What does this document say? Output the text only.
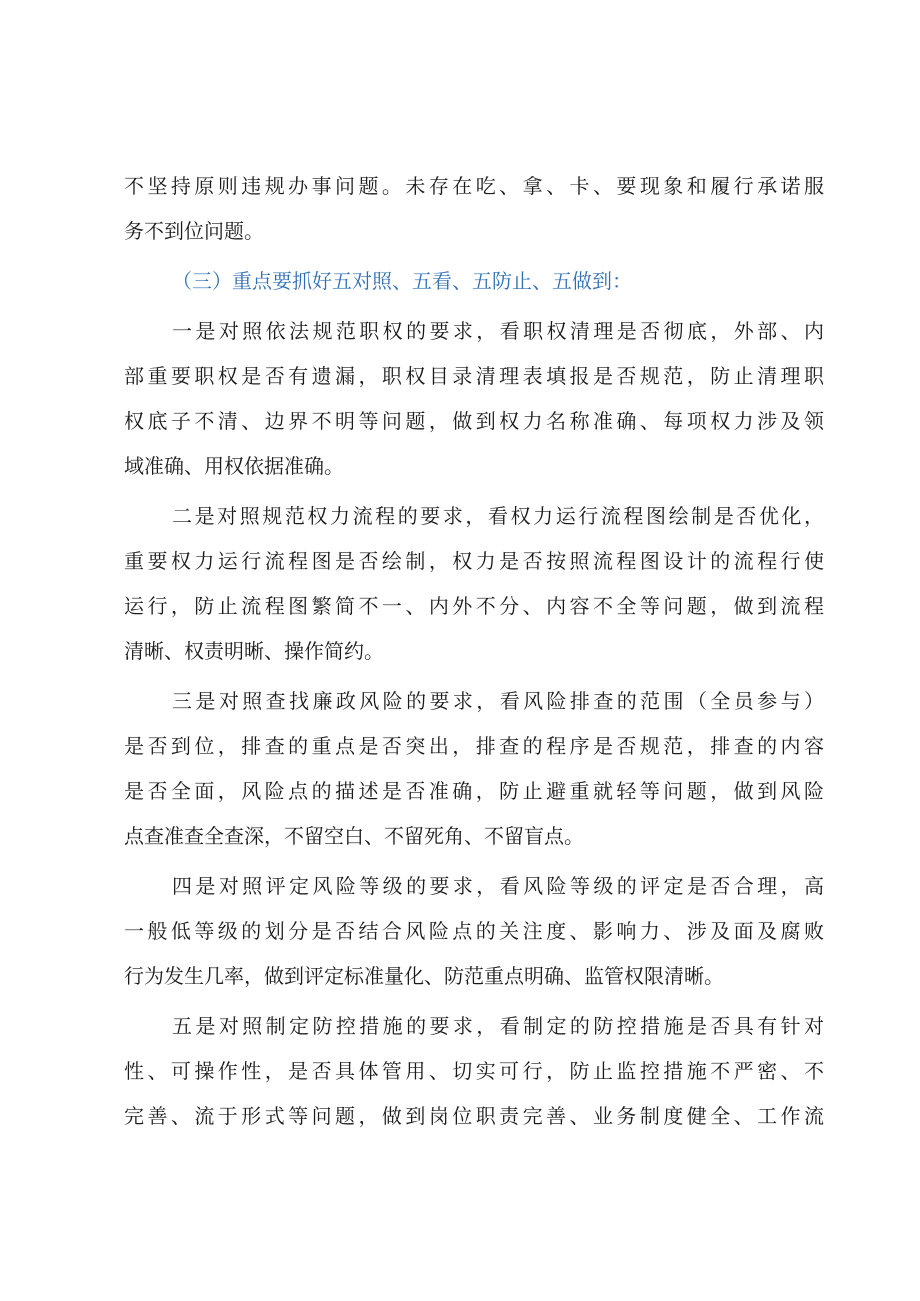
不坚持原则违规办事问题。未存在吃、拿、卡、要现象和履行承诺服
务不到位问题。
（三）重点要抓好五对照、五看、五防止、五做到：
一是对照依法规范职权的要求，看职权清理是否彻底，外部、内
部重要职权是否有遗漏，职权目录清理表填报是否规范，防止清理职
权底子不清、边界不明等问题，做到权力名称准确、每项权力涉及领
域准确、用权依据准确。
二是对照规范权力流程的要求，看权力运行流程图绘制是否优化，
重要权力运行流程图是否绘制，权力是否按照流程图设计的流程行使
运行，防止流程图繁简不一、内外不分、内容不全等问题，做到流程
清晰、权责明晰、操作简约。
三是对照查找廉政风险的要求，看风险排查的范围（全员参与）
是否到位，排查的重点是否突出，排查的程序是否规范，排查的内容
是否全面，风险点的描述是否准确，防止避重就轻等问题，做到风险
点查准查全查深，不留空白、不留死角、不留盲点。
四是对照评定风险等级的要求，看风险等级的评定是否合理，高
一般低等级的划分是否结合风险点的关注度、影响力、涉及面及腐败
行为发生几率，做到评定标准量化、防范重点明确、监管权限清晰。
五是对照制定防控措施的要求，看制定的防控措施是否具有针对
性、可操作性，是否具体管用、切实可行，防止监控措施不严密、不
完善、流于形式等问题，做到岗位职责完善、业务制度健全、工作流
